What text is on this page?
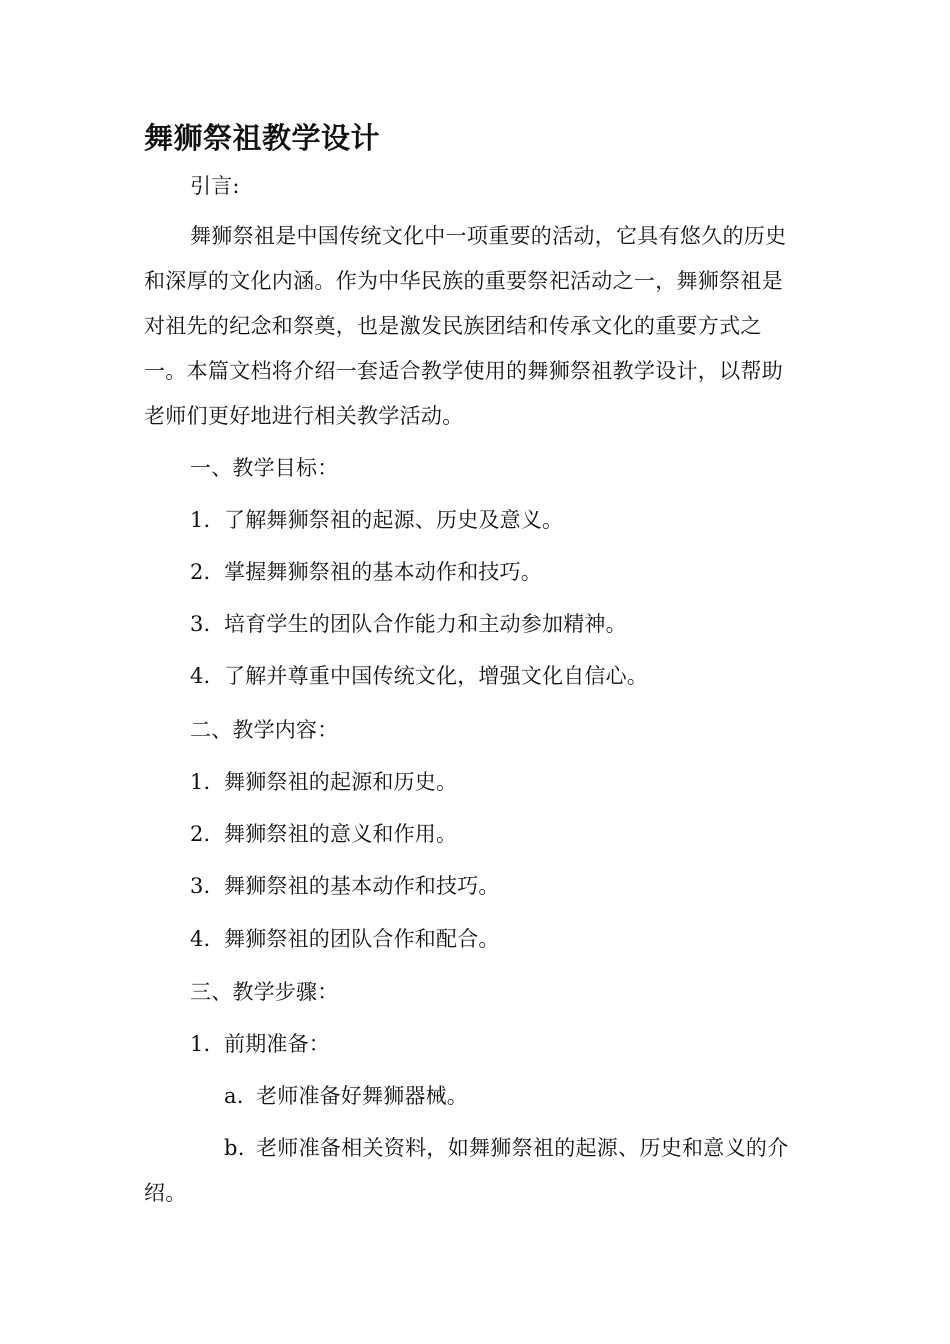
舞狮祭祖教学设计
引言:
舞狮祭祖是中国传统文化中一项重要的活动，它具有悠久的历史和深厚的文化内涵。作为中华民族的重要祭祀活动之一，舞狮祭祖是对祖先的纪念和祭奠，也是激发民族团结和传承文化的重要方式之一。本篇文档将介绍一套适合教学使用的舞狮祭祖教学设计，以帮助老师们更好地进行相关教学活动。
一、教学目标：
1. 了解舞狮祭祖的起源、历史及意义。
2. 掌握舞狮祭祖的基本动作和技巧。
3. 培育学生的团队合作能力和主动参加精神。
4. 了解并尊重中国传统文化，增强文化自信心。
二、教学内容：
1. 舞狮祭祖的起源和历史。
2. 舞狮祭祖的意义和作用。
3. 舞狮祭祖的基本动作和技巧。
4. 舞狮祭祖的团队合作和配合。
三、教学步骤：
1. 前期准备：
a. 老师准备好舞狮器械。
b. 老师准备相关资料，如舞狮祭祖的起源、历史和意义的介绍。
